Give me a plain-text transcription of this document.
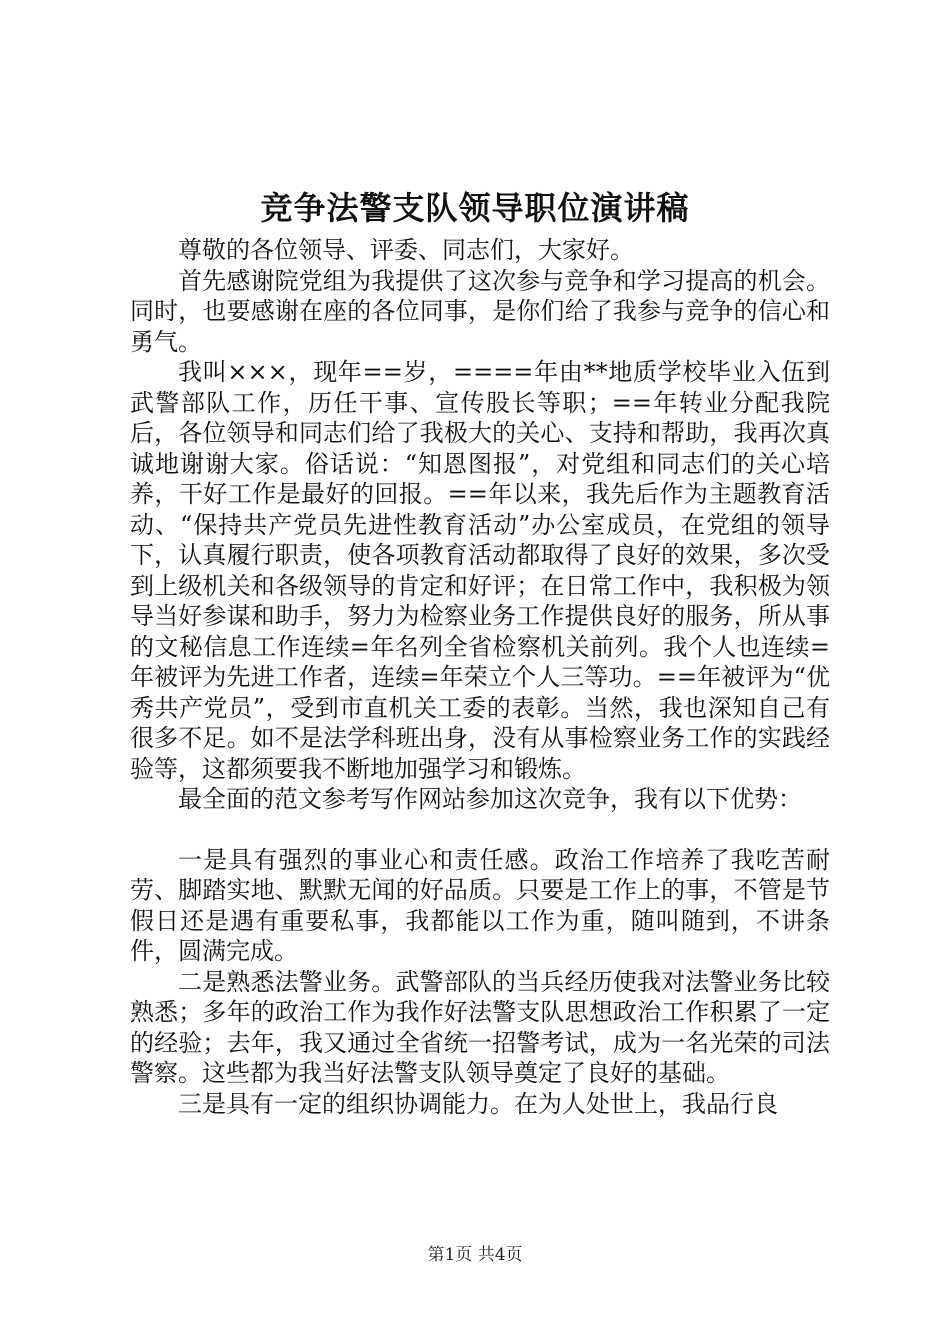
竞争法警支队领导职位演讲稿

尊敬的各位领导、评委、同志们，大家好。

首先感谢院党组为我提供了这次参与竞争和学习提高的机会。同时，也要感谢在座的各位同事，是你们给了我参与竞争的信心和勇气。

我叫×××，现年==岁，====年由**地质学校毕业入伍到武警部队工作，历任干事、宣传股长等职；==年转业分配我院后，各位领导和同志们给了我极大的关心、支持和帮助，我再次真诚地谢谢大家。俗话说：“知恩图报”，对党组和同志们的关心培养，干好工作是最好的回报。==年以来，我先后作为主题教育活动、“保持共产党员先进性教育活动”办公室成员，在党组的领导下，认真履行职责，使各项教育活动都取得了良好的效果，多次受到上级机关和各级领导的肯定和好评；在日常工作中，我积极为领导当好参谋和助手，努力为检察业务工作提供良好的服务，所从事的文秘信息工作连续=年名列全省检察机关前列。我个人也连续=年被评为先进工作者，连续=年荣立个人三等功。==年被评为“优秀共产党员”，受到市直机关工委的表彰。当然，我也深知自己有很多不足。如不是法学科班出身，没有从事检察业务工作的实践经验等，这都须要我不断地加强学习和锻炼。

最全面的范文参考写作网站参加这次竞争，我有以下优势：

一是具有强烈的事业心和责任感。政治工作培养了我吃苦耐劳、脚踏实地、默默无闻的好品质。只要是工作上的事，不管是节假日还是遇有重要私事，我都能以工作为重，随叫随到，不讲条件，圆满完成。

二是熟悉法警业务。武警部队的当兵经历使我对法警业务比较熟悉；多年的政治工作为我作好法警支队思想政治工作积累了一定的经验；去年，我又通过全省统一招警考试，成为一名光荣的司法警察。这些都为我当好法警支队领导奠定了良好的基础。

三是具有一定的组织协调能力。在为人处世上，我品行良

第1页 共4页
